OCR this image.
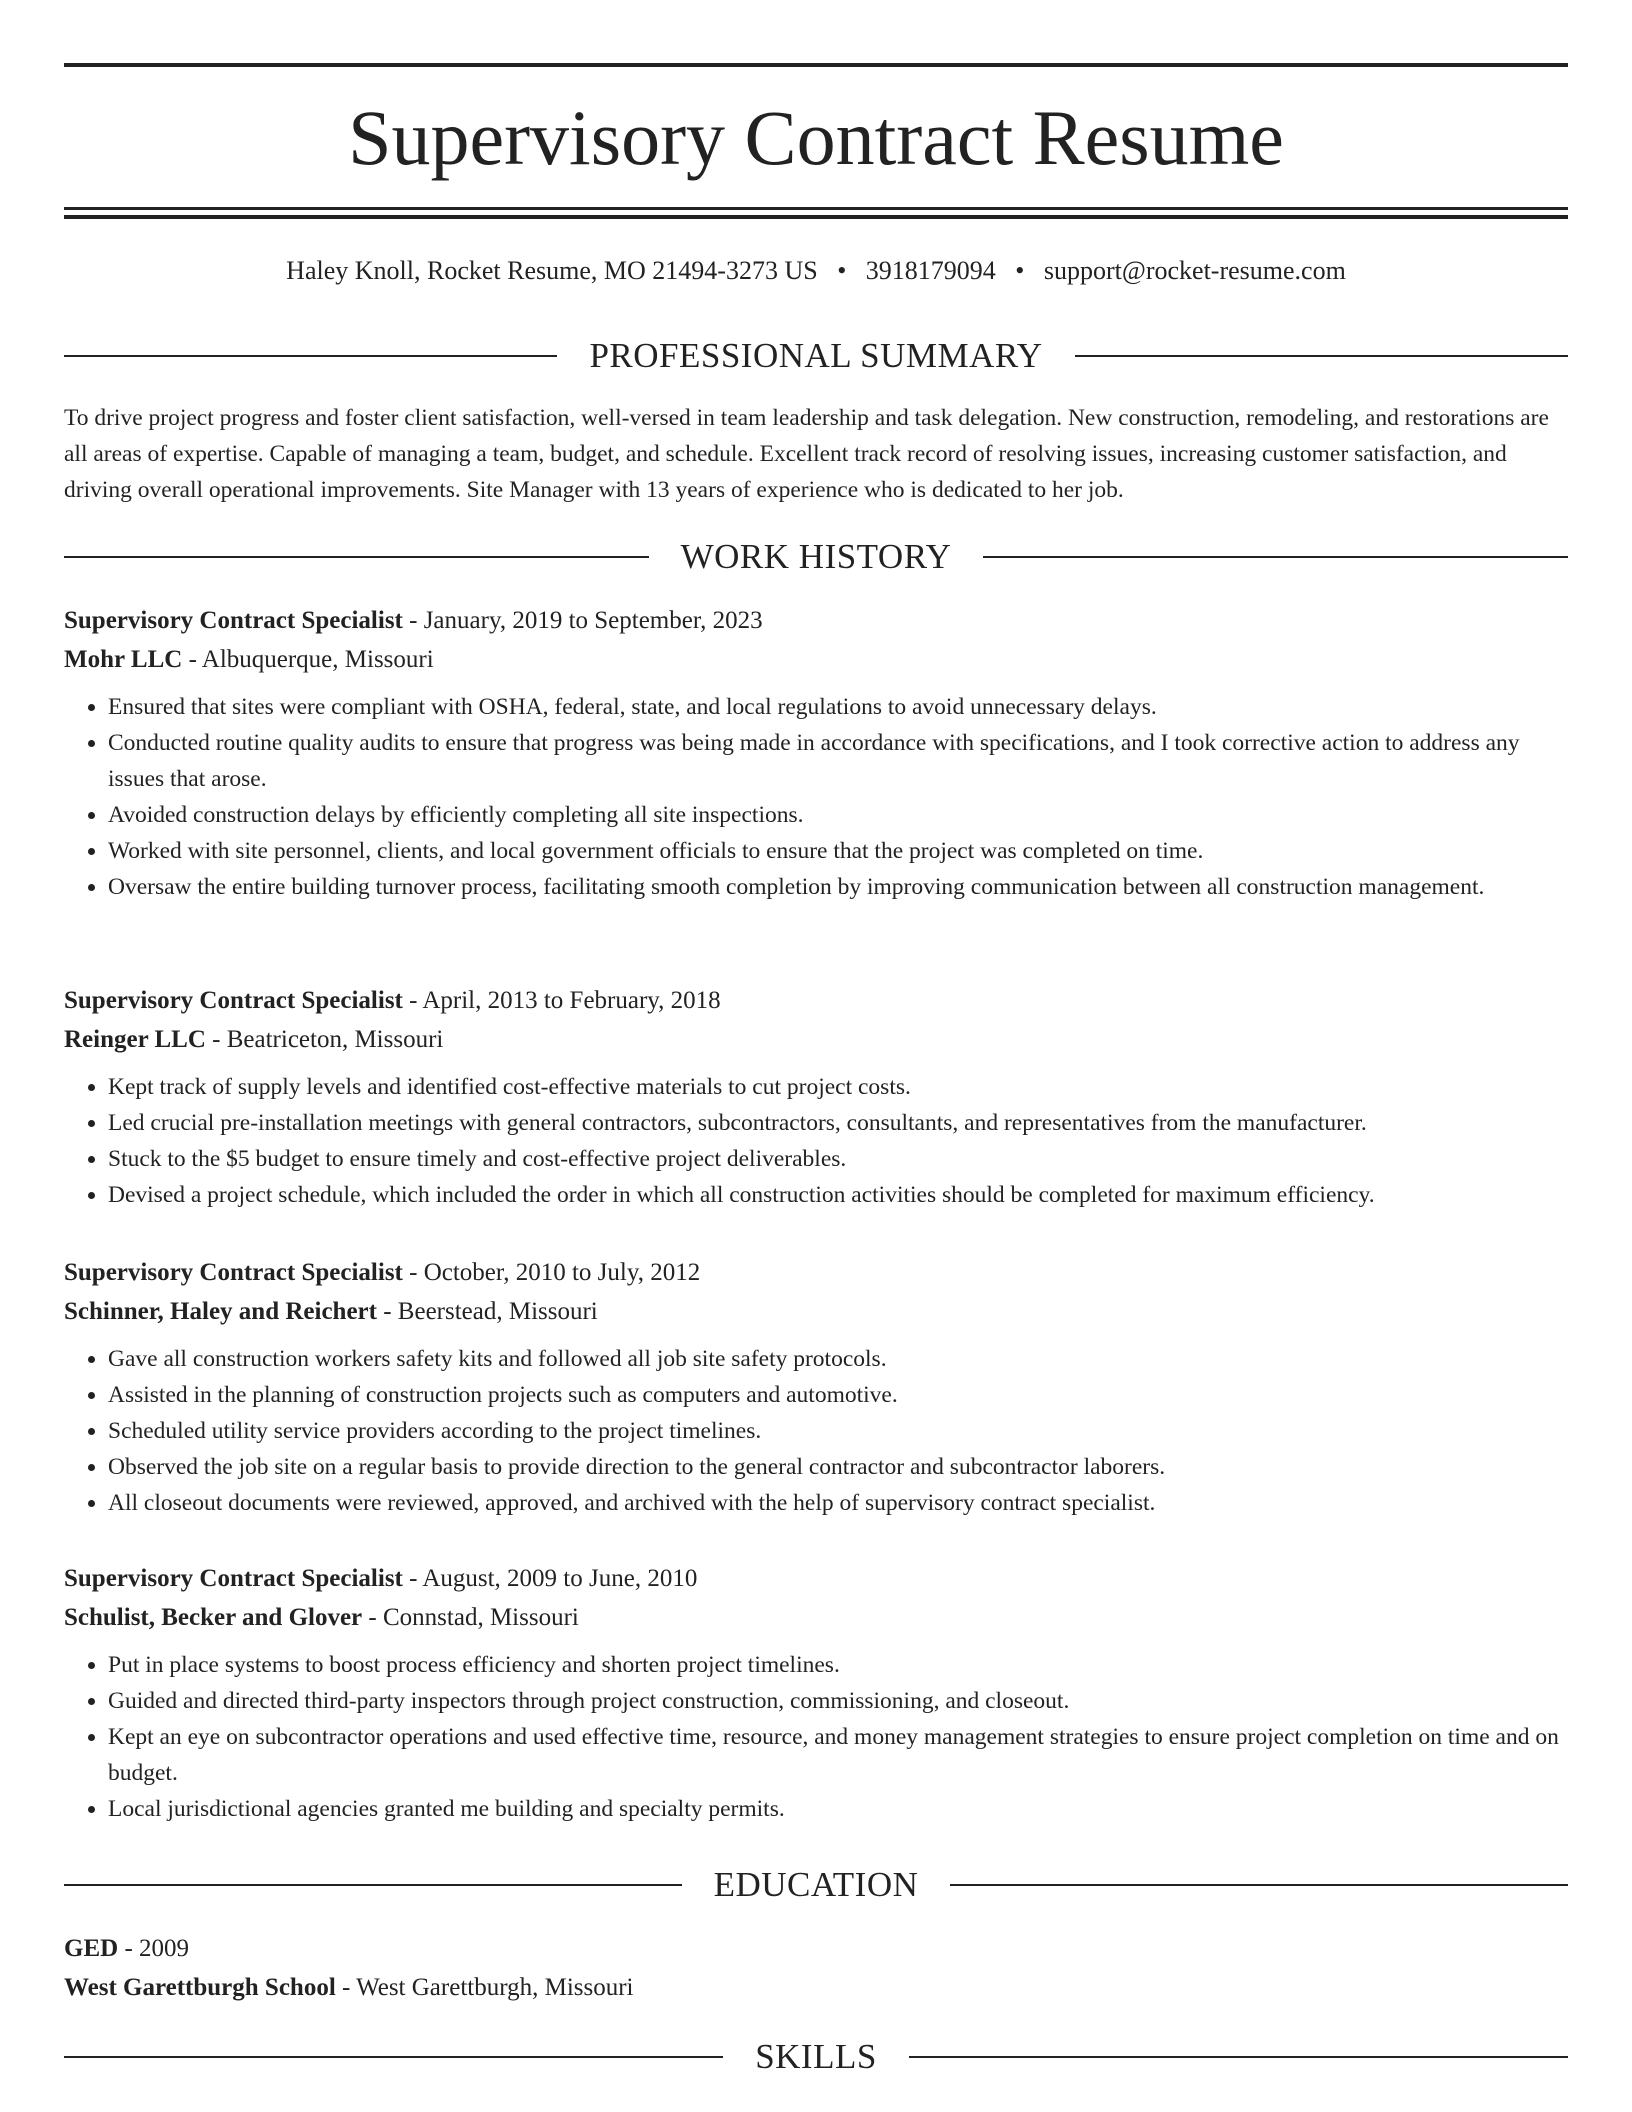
Supervisory Contract Resume
Haley Knoll, Rocket Resume, MO 21494-3273 US • 3918179094 • support@rocket-resume.com
PROFESSIONAL SUMMARY

To drive project progress and foster client satisfaction, well-versed in team leadership and task delegation. New construction, remodeling, and restorations are all areas of expertise. Capable of managing a team, budget, and schedule. Excellent track record of resolving issues, increasing customer satisfaction, and driving overall operational improvements. Site Manager with 13 years of experience who is dedicated to her job.

WORK HISTORY

Supervisory Contract Specialist - January, 2019 to September, 2023

Mohr LLC - Albuquerque, Missouri

• Ensured that sites were compliant with OSHA, federal, state, and local regulations to avoid unnecessary delays.
• Conducted routine quality audits to ensure that progress was being made in accordance with specifications, and I took corrective action to address any issues that arose.
• Avoided construction delays by efficiently completing all site inspections.
• Worked with site personnel, clients, and local government officials to ensure that the project was completed on time.
• Oversaw the entire building turnover process, facilitating smooth completion by improving communication between all construction management.

Supervisory Contract Specialist - April, 2013 to February, 2018

Reinger LLC - Beatriceton, Missouri

• Kept track of supply levels and identified cost-effective materials to cut project costs.
• Led crucial pre-installation meetings with general contractors, subcontractors, consultants, and representatives from the manufacturer.
• Stuck to the $5 budget to ensure timely and cost-effective project deliverables.
• Devised a project schedule, which included the order in which all construction activities should be completed for maximum efficiency.

Supervisory Contract Specialist - October, 2010 to July, 2012

Schinner, Haley and Reichert - Beerstead, Missouri

• Gave all construction workers safety kits and followed all job site safety protocols.
• Assisted in the planning of construction projects such as computers and automotive.
• Scheduled utility service providers according to the project timelines.
• Observed the job site on a regular basis to provide direction to the general contractor and subcontractor laborers.
• All closeout documents were reviewed, approved, and archived with the help of supervisory contract specialist.

Supervisory Contract Specialist - August, 2009 to June, 2010

Schulist, Becker and Glover - Connstad, Missouri

• Put in place systems to boost process efficiency and shorten project timelines.
• Guided and directed third-party inspectors through project construction, commissioning, and closeout.
• Kept an eye on subcontractor operations and used effective time, resource, and money management strategies to ensure project completion on time and on budget.
• Local jurisdictional agencies granted me building and specialty permits.
EDUCATION

GED - 2009

West Garettburgh School - West Garettburgh, Missouri

SKILLS
